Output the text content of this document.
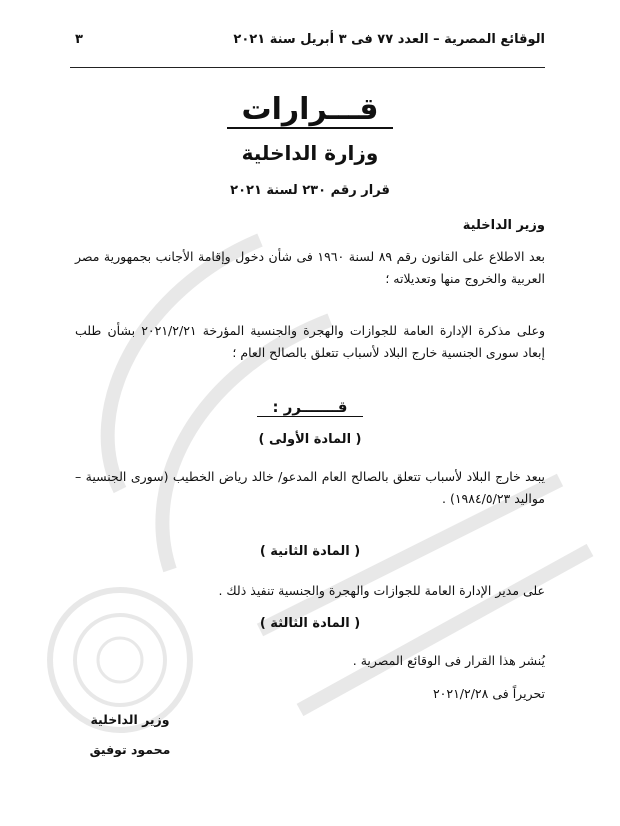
الوقائع المصرية – العدد ٧٧ فى ٣ أبريل سنة ٢٠٢١
٣
قـــرارات
وزارة الداخلية
قرار رقم ٢٣٠ لسنة ٢٠٢١
وزير الداخلية
بعد الاطلاع على القانون رقم ٨٩ لسنة ١٩٦٠ فى شأن دخول وإقامة الأجانب بجمهورية مصر العربية والخروج منها وتعديلاته ؛
وعلى مذكرة الإدارة العامة للجوازات والهجرة والجنسية المؤرخة ٢٠٢١/٢/٢١ بشأن طلب إبعاد سورى الجنسية خارج البلاد لأسباب تتعلق بالصالح العام ؛
قـــــــرر :
( المادة الأولى )
يبعد خارج البلاد لأسباب تتعلق بالصالح العام المدعو/ خالد رياض الخطيب (سورى الجنسية – مواليد ١٩٨٤/٥/٢٣) .
( المادة الثانية )
على مدير الإدارة العامة للجوازات والهجرة والجنسية تنفيذ ذلك .
( المادة الثالثة )
يُنشر هذا القرار فى الوقائع المصرية .
تحريراً فى ٢٠٢١/٢/٢٨
وزير الداخلية
محمود توفيق
